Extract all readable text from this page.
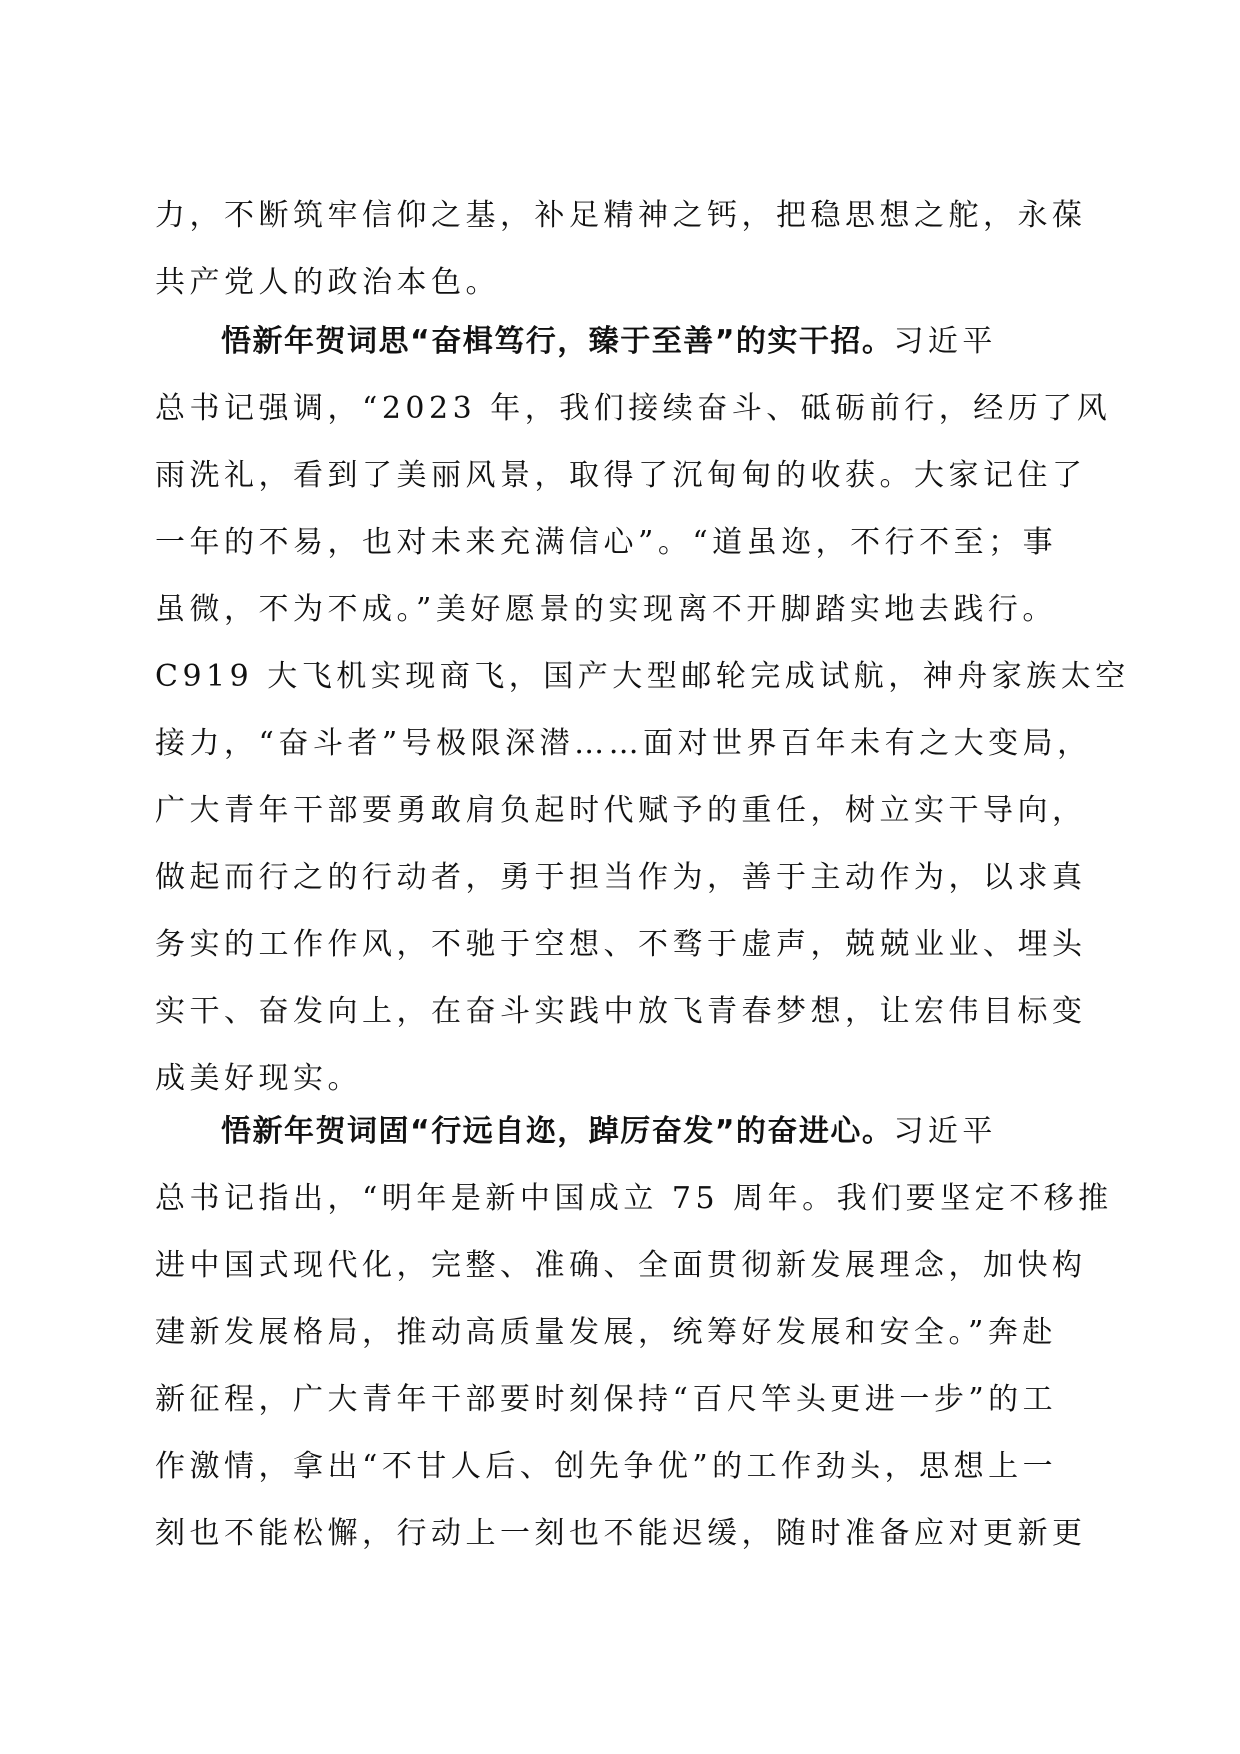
力，不断筑牢信仰之基，补足精神之钙，把稳思想之舵，永葆
共产党人的政治本色。
悟新年贺词思“奋楫笃行，臻于至善”的实干招。习近平
总书记强调，“2023 年，我们接续奋斗、砥砺前行，经历了风
雨洗礼，看到了美丽风景，取得了沉甸甸的收获。大家记住了
一年的不易，也对未来充满信心”。“道虽迩，不行不至；事
虽微，不为不成。”美好愿景的实现离不开脚踏实地去践行。
C919 大飞机实现商飞，国产大型邮轮完成试航，神舟家族太空
接力，“奋斗者”号极限深潜……面对世界百年未有之大变局，
广大青年干部要勇敢肩负起时代赋予的重任，树立实干导向，
做起而行之的行动者，勇于担当作为，善于主动作为，以求真
务实的工作作风，不驰于空想、不骛于虚声，兢兢业业、埋头
实干、奋发向上，在奋斗实践中放飞青春梦想，让宏伟目标变
成美好现实。
悟新年贺词固“行远自迩，踔厉奋发”的奋进心。习近平
总书记指出，“明年是新中国成立 75 周年。我们要坚定不移推
进中国式现代化，完整、准确、全面贯彻新发展理念，加快构
建新发展格局，推动高质量发展，统筹好发展和安全。”奔赴
新征程，广大青年干部要时刻保持“百尺竿头更进一步”的工
作激情，拿出“不甘人后、创先争优”的工作劲头，思想上一
刻也不能松懈，行动上一刻也不能迟缓，随时准备应对更新更
